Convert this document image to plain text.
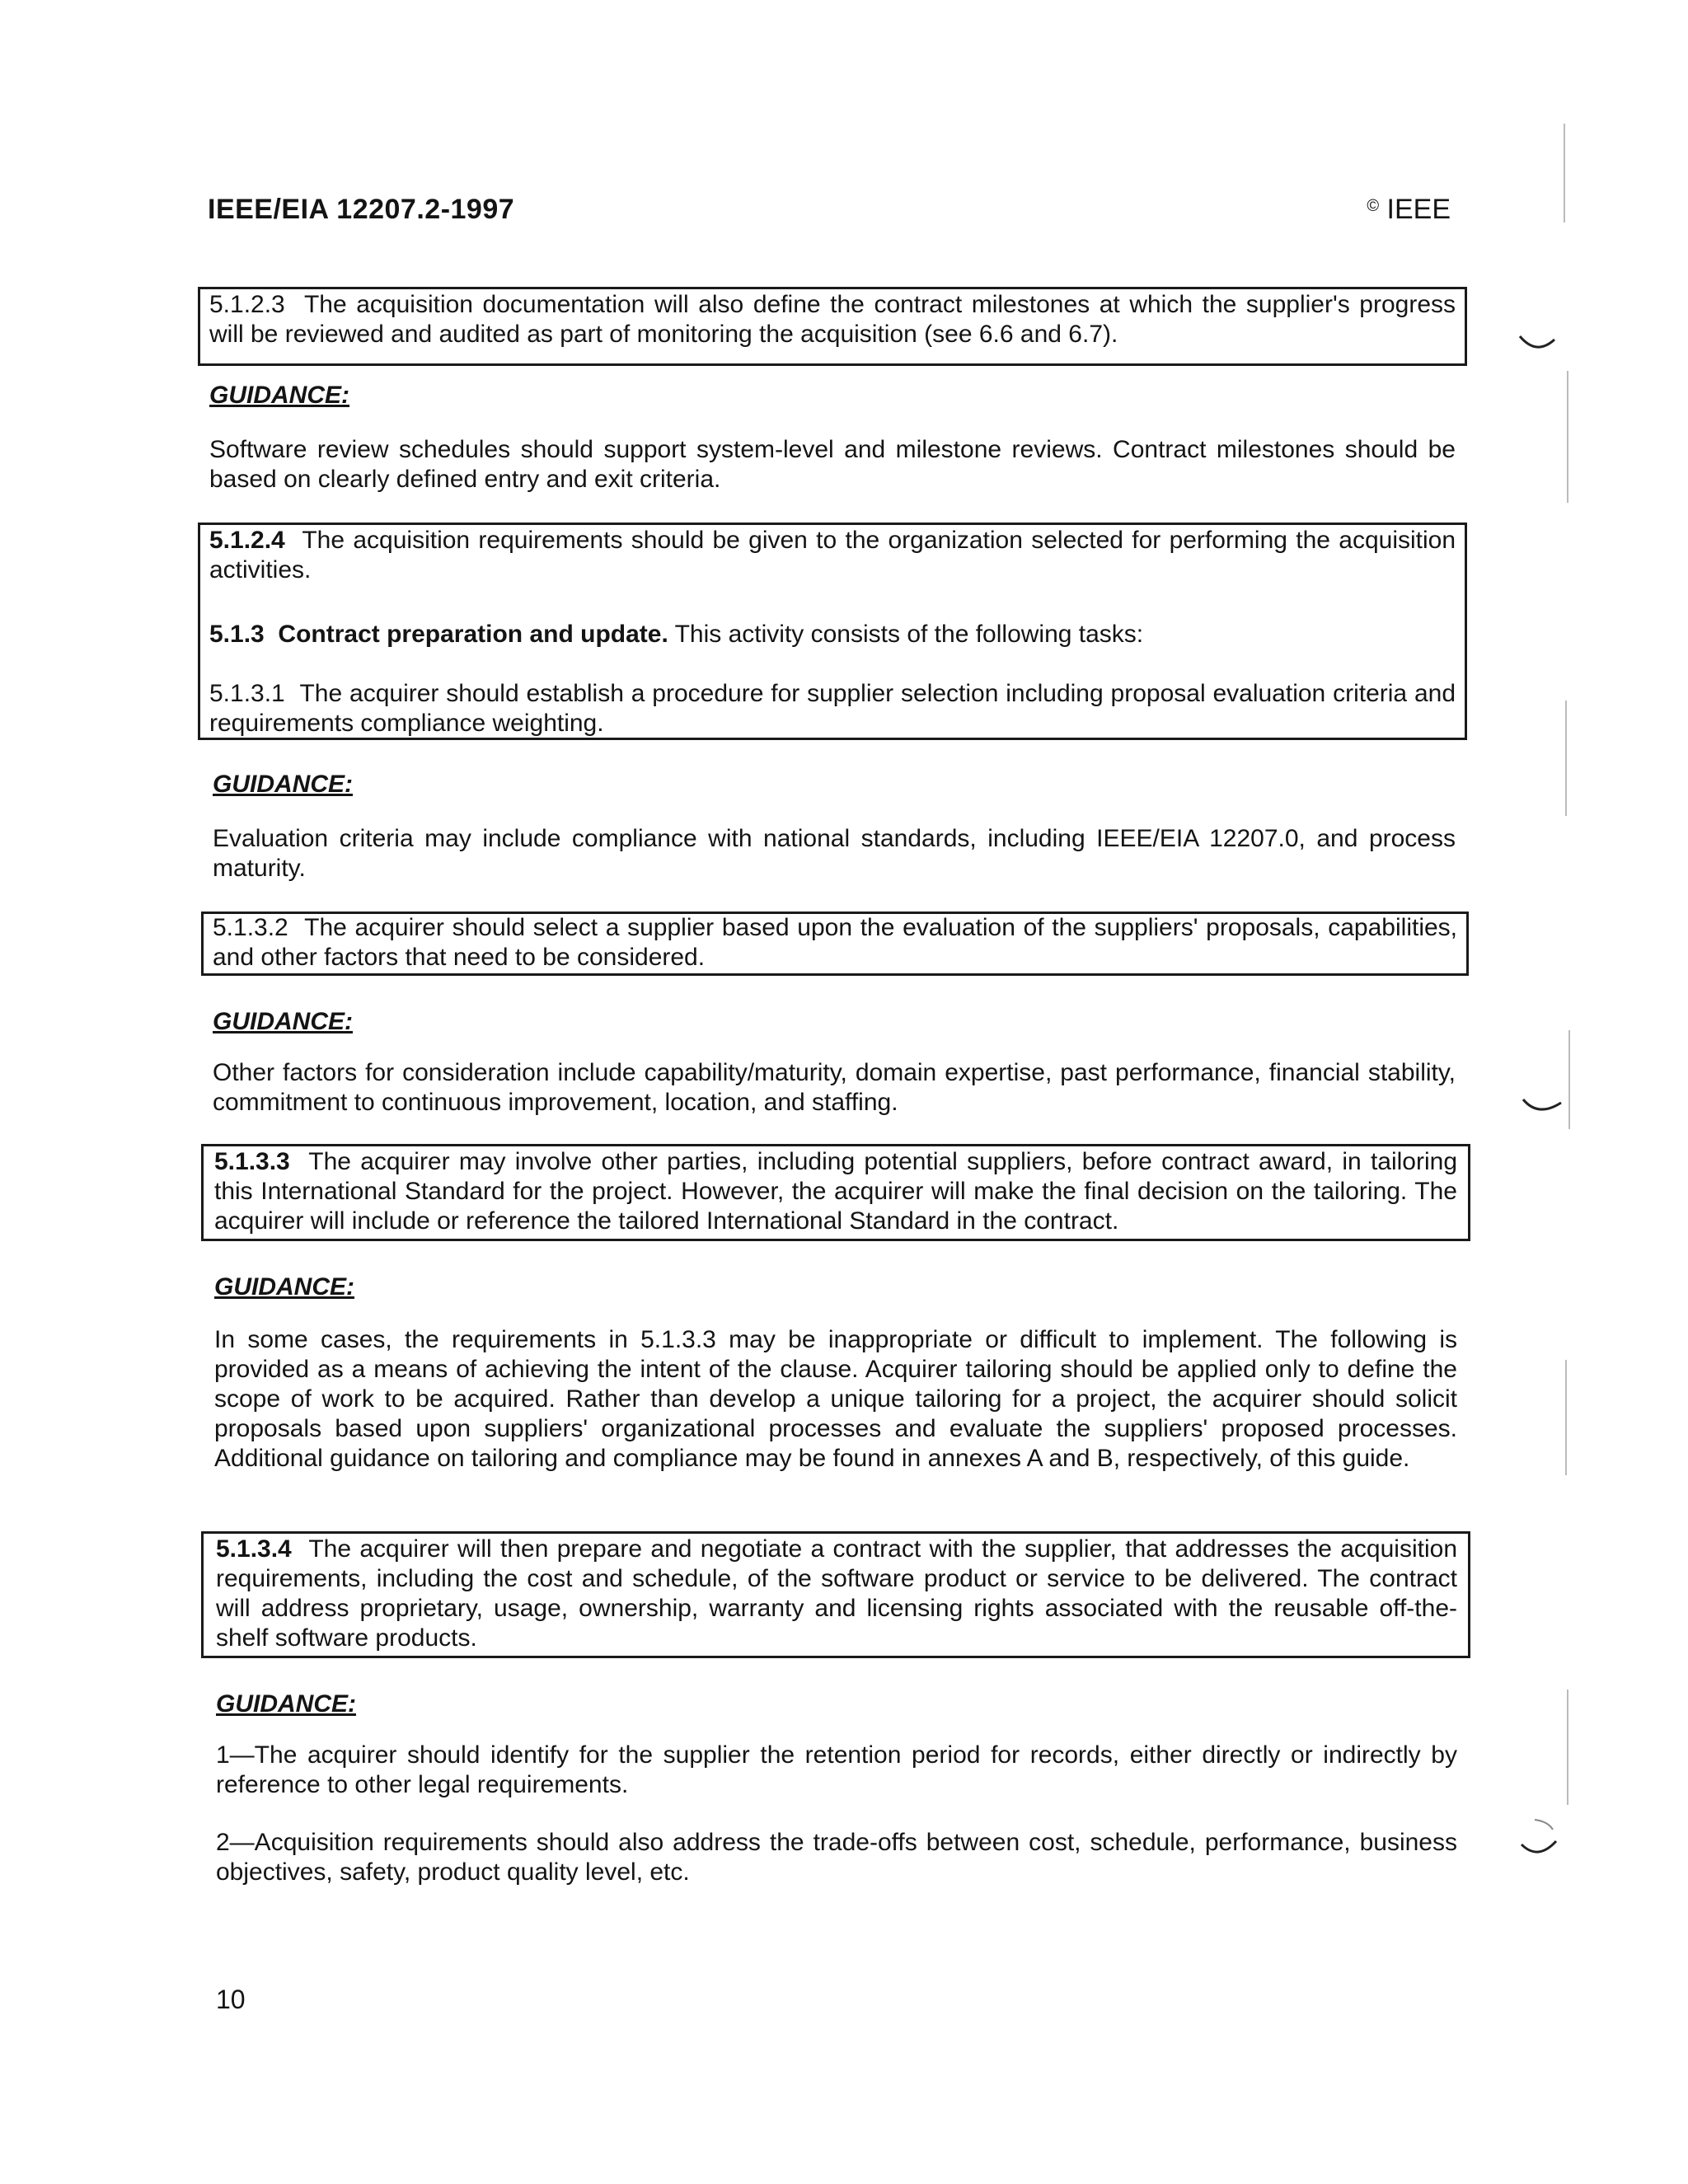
IEEE/EIA 12207.2-1997	© IEEE

5.1.2.3 The acquisition documentation will also define the contract milestones at which the supplier's progress will be reviewed and audited as part of monitoring the acquisition (see 6.6 and 6.7).

GUIDANCE:

Software review schedules should support system-level and milestone reviews. Contract milestones should be based on clearly defined entry and exit criteria.

5.1.2.4 The acquisition requirements should be given to the organization selected for performing the acquisition activities.

5.1.3 Contract preparation and update. This activity consists of the following tasks:

5.1.3.1 The acquirer should establish a procedure for supplier selection including proposal evaluation criteria and requirements compliance weighting.

GUIDANCE:

Evaluation criteria may include compliance with national standards, including IEEE/EIA 12207.0, and process maturity.

5.1.3.2 The acquirer should select a supplier based upon the evaluation of the suppliers' proposals, capabilities, and other factors that need to be considered.

GUIDANCE:

Other factors for consideration include capability/maturity, domain expertise, past performance, financial stability, commitment to continuous improvement, location, and staffing.

5.1.3.3 The acquirer may involve other parties, including potential suppliers, before contract award, in tailoring this International Standard for the project. However, the acquirer will make the final decision on the tailoring. The acquirer will include or reference the tailored International Standard in the contract.

GUIDANCE:

In some cases, the requirements in 5.1.3.3 may be inappropriate or difficult to implement. The following is provided as a means of achieving the intent of the clause. Acquirer tailoring should be applied only to define the scope of work to be acquired. Rather than develop a unique tailoring for a project, the acquirer should solicit proposals based upon suppliers' organizational processes and evaluate the suppliers' proposed processes. Additional guidance on tailoring and compliance may be found in annexes A and B, respectively, of this guide.

5.1.3.4 The acquirer will then prepare and negotiate a contract with the supplier, that addresses the acquisition requirements, including the cost and schedule, of the software product or service to be delivered. The contract will address proprietary, usage, ownership, warranty and licensing rights associated with the reusable off-the-shelf software products.

GUIDANCE:

1—The acquirer should identify for the supplier the retention period for records, either directly or indirectly by reference to other legal requirements.

2—Acquisition requirements should also address the trade-offs between cost, schedule, performance, business objectives, safety, product quality level, etc.

10
